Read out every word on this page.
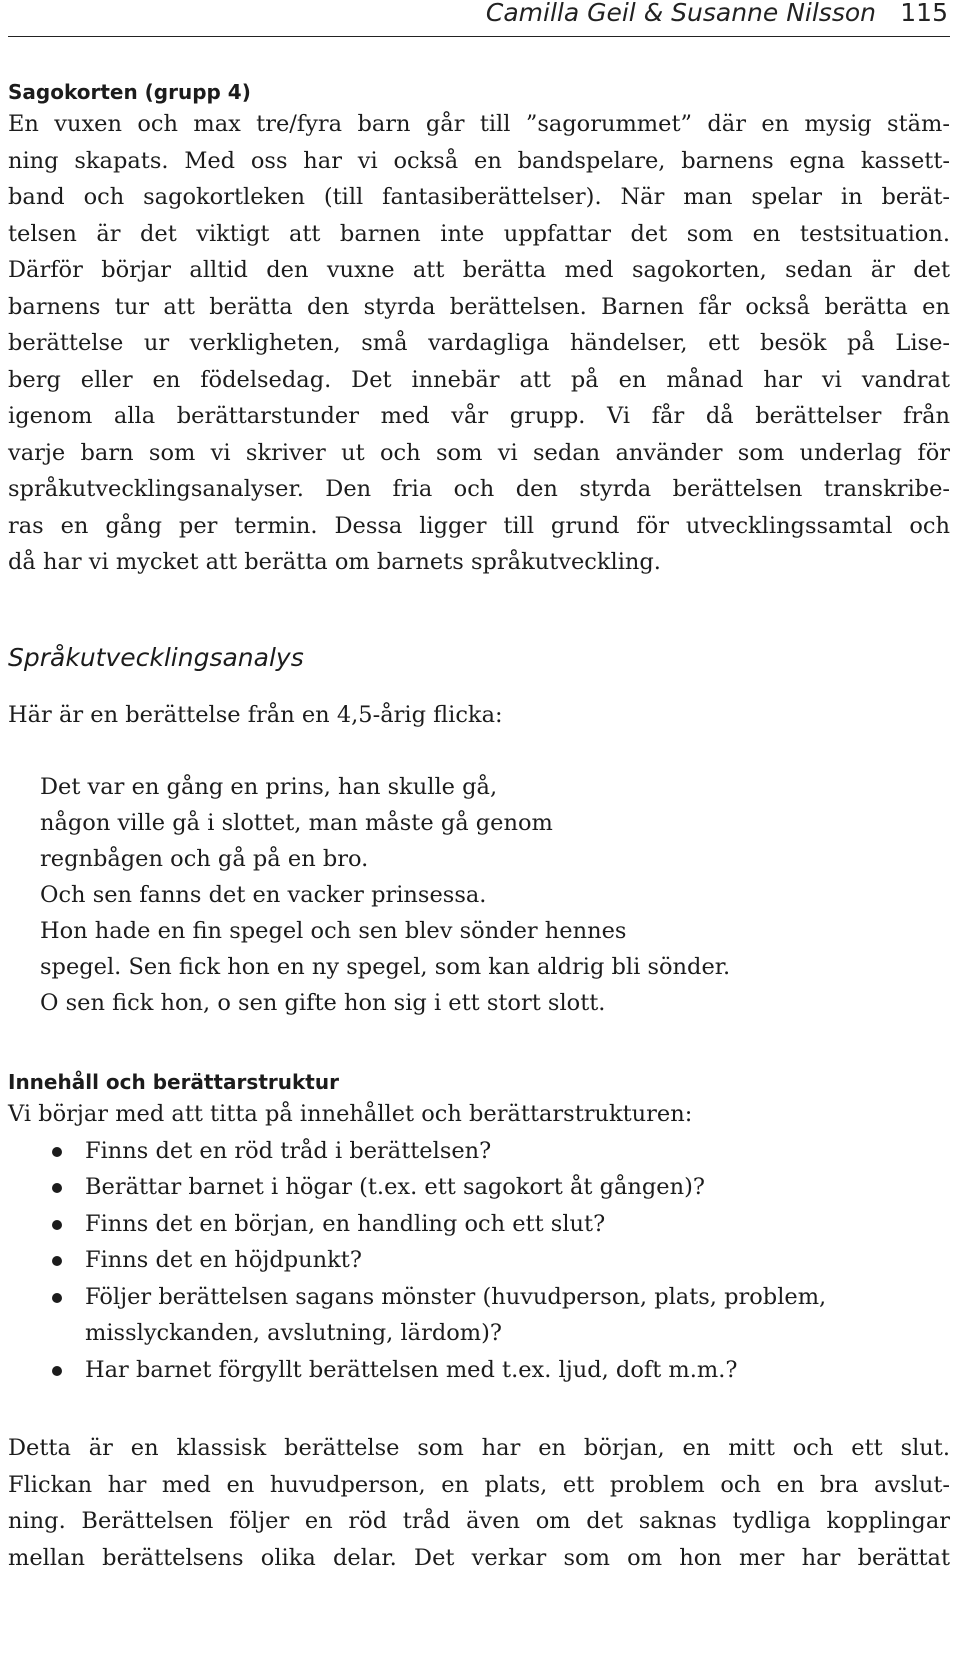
Camilla Geil & Susanne Nilsson 115
Sagokorten (grupp 4)
En vuxen och max tre/fyra barn går till ”sagorummet” där en mysig stäm-
ning skapats. Med oss har vi också en bandspelare, barnens egna kassett-
band och sagokortleken (till fantasiberättelser). När man spelar in berät-
telsen är det viktigt att barnen inte uppfattar det som en testsituation.
Därför börjar alltid den vuxne att berätta med sagokorten, sedan är det
barnens tur att berätta den styrda berättelsen. Barnen får också berätta en
berättelse ur verkligheten, små vardagliga händelser, ett besök på Lise-
berg eller en födelsedag. Det innebär att på en månad har vi vandrat
igenom alla berättarstunder med vår grupp. Vi får då berättelser från
varje barn som vi skriver ut och som vi sedan använder som underlag för
språkutvecklingsanalyser. Den fria och den styrda berättelsen transkribe-
ras en gång per termin. Dessa ligger till grund för utvecklingssamtal och
då har vi mycket att berätta om barnets språkutveckling.
Språkutvecklingsanalys
Här är en berättelse från en 4,5-årig flicka:
Det var en gång en prins, han skulle gå,
någon ville gå i slottet, man måste gå genom
regnbågen och gå på en bro.
Och sen fanns det en vacker prinsessa.
Hon hade en fin spegel och sen blev sönder hennes
spegel. Sen fick hon en ny spegel, som kan aldrig bli sönder.
O sen fick hon, o sen gifte hon sig i ett stort slott.
Innehåll och berättarstruktur
Vi börjar med att titta på innehållet och berättarstrukturen:
Finns det en röd tråd i berättelsen?
Berättar barnet i högar (t.ex. ett sagokort åt gången)?
Finns det en början, en handling och ett slut?
Finns det en höjdpunkt?
Följer berättelsen sagans mönster (huvudperson, plats, problem, misslyckanden, avslutning, lärdom)?
Har barnet förgyllt berättelsen med t.ex. ljud, doft m.m.?
Detta är en klassisk berättelse som har en början, en mitt och ett slut.
Flickan har med en huvudperson, en plats, ett problem och en bra avslut-
ning. Berättelsen följer en röd tråd även om det saknas tydliga kopplingar
mellan berättelsens olika delar. Det verkar som om hon mer har berättat
